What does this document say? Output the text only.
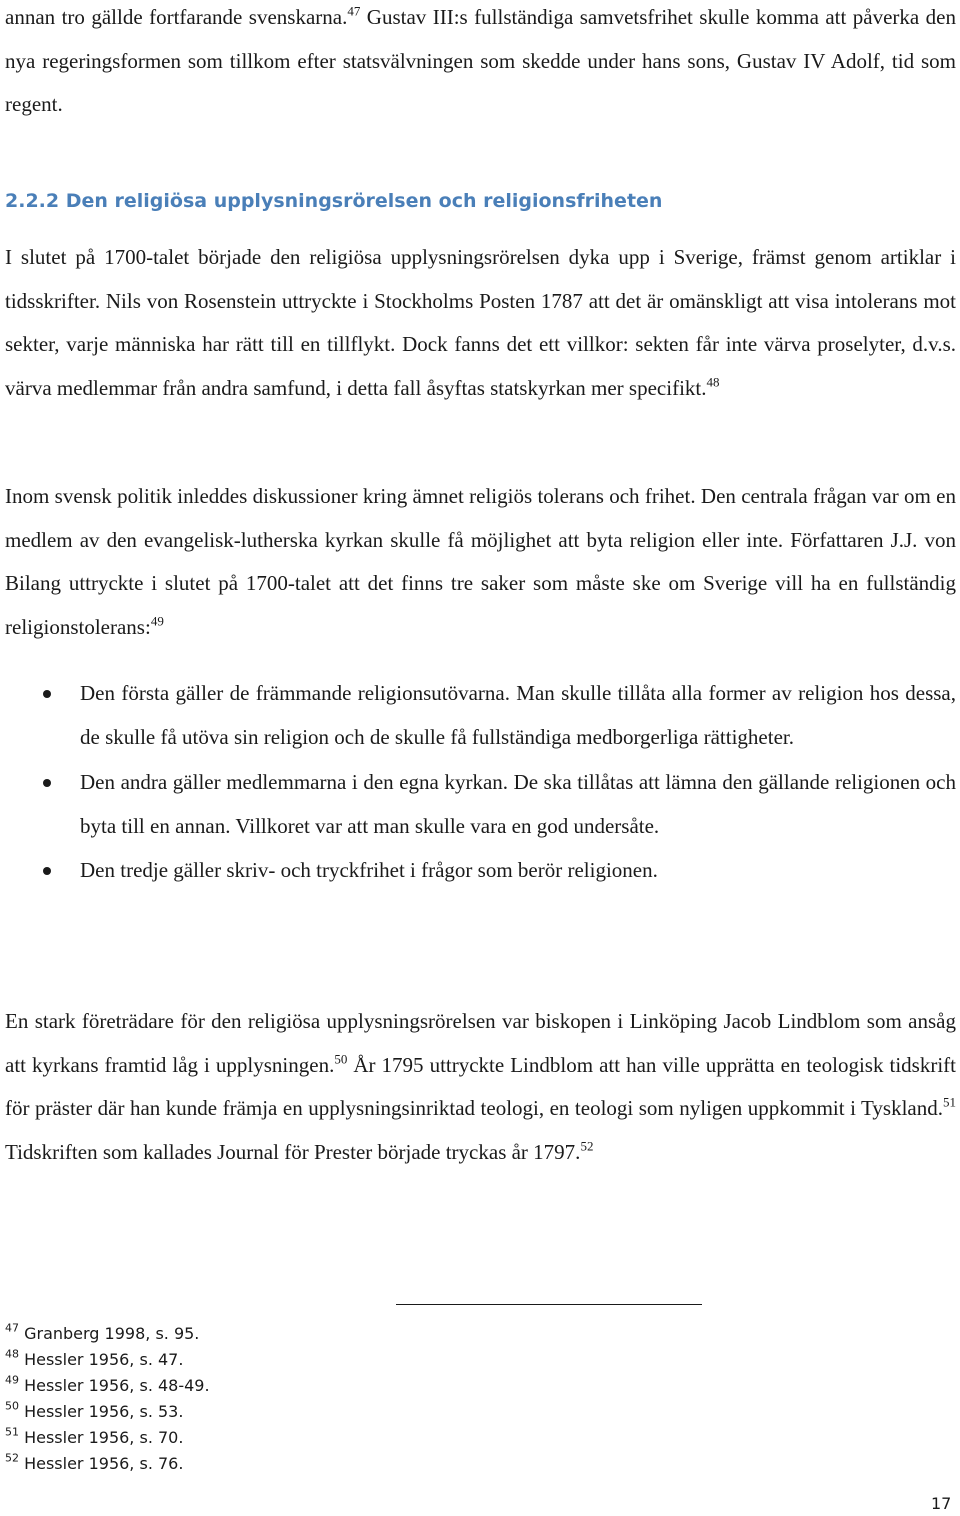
annan tro gällde fortfarande svenskarna.$^{47}$ Gustav III:s fullständiga samvetsfrihet skulle komma att påverka den nya regeringsformen som tillkom efter statsvälvningen som skedde under hans sons, Gustav IV Adolf, tid som regent.

2.2.2 Den religiösa upplysningsrörelsen och religionsfriheten

I slutet på 1700-talet började den religiösa upplysningsrörelsen dyka upp i Sverige, främst genom artiklar i tidsskrifter. Nils von Rosenstein uttryckte i Stockholms Posten 1787 att det är omänskligt att visa intolerans mot sekter, varje människa har rätt till en tillflykt. Dock fanns det ett villkor: sekten får inte värva proselyter, d.v.s. värva medlemmar från andra samfund, i detta fall åsyftas statskyrkan mer specifikt.$^{48}$

Inom svensk politik inleddes diskussioner kring ämnet religiös tolerans och frihet. Den centrala frågan var om en medlem av den evangelisk-lutherska kyrkan skulle få möjlighet att byta religion eller inte. Författaren J.J. von Bilang uttryckte i slutet på 1700-talet att det finns tre saker som måste ske om Sverige vill ha en fullständig religionstolerans:$^{49}$

Den första gäller de främmande religionsutövarna. Man skulle tillåta alla former av religion hos dessa, de skulle få utöva sin religion och de skulle få fullständiga medborgerliga rättigheter.
Den andra gäller medlemmarna i den egna kyrkan. De ska tillåtas att lämna den gällande religionen och byta till en annan. Villkoret var att man skulle vara en god undersåte.
Den tredje gäller skriv- och tryckfrihet i frågor som berör religionen.

En stark företrädare för den religiösa upplysningsrörelsen var biskopen i Linköping Jacob Lindblom som ansåg att kyrkans framtid låg i upplysningen.$^{50}$ År 1795 uttryckte Lindblom att han ville upprätta en teologisk tidskrift för präster där han kunde främja en upplysningsinriktad teologi, en teologi som nyligen uppkommit i Tyskland.$^{51}$ Tidskriften som kallades Journal för Prester började tryckas år 1797.52

$^{47}$ Granberg 1998, s. 95.
$^{48}$ Hessler 1956, s. 47.
$^{49}$ Hessler 1956, s. 48-49.
$^{50}$ Hessler 1956, s. 53.
$^{51}$ Hessler 1956, s. 70.
$^{52}$ Hessler 1956, s. 76.
17
